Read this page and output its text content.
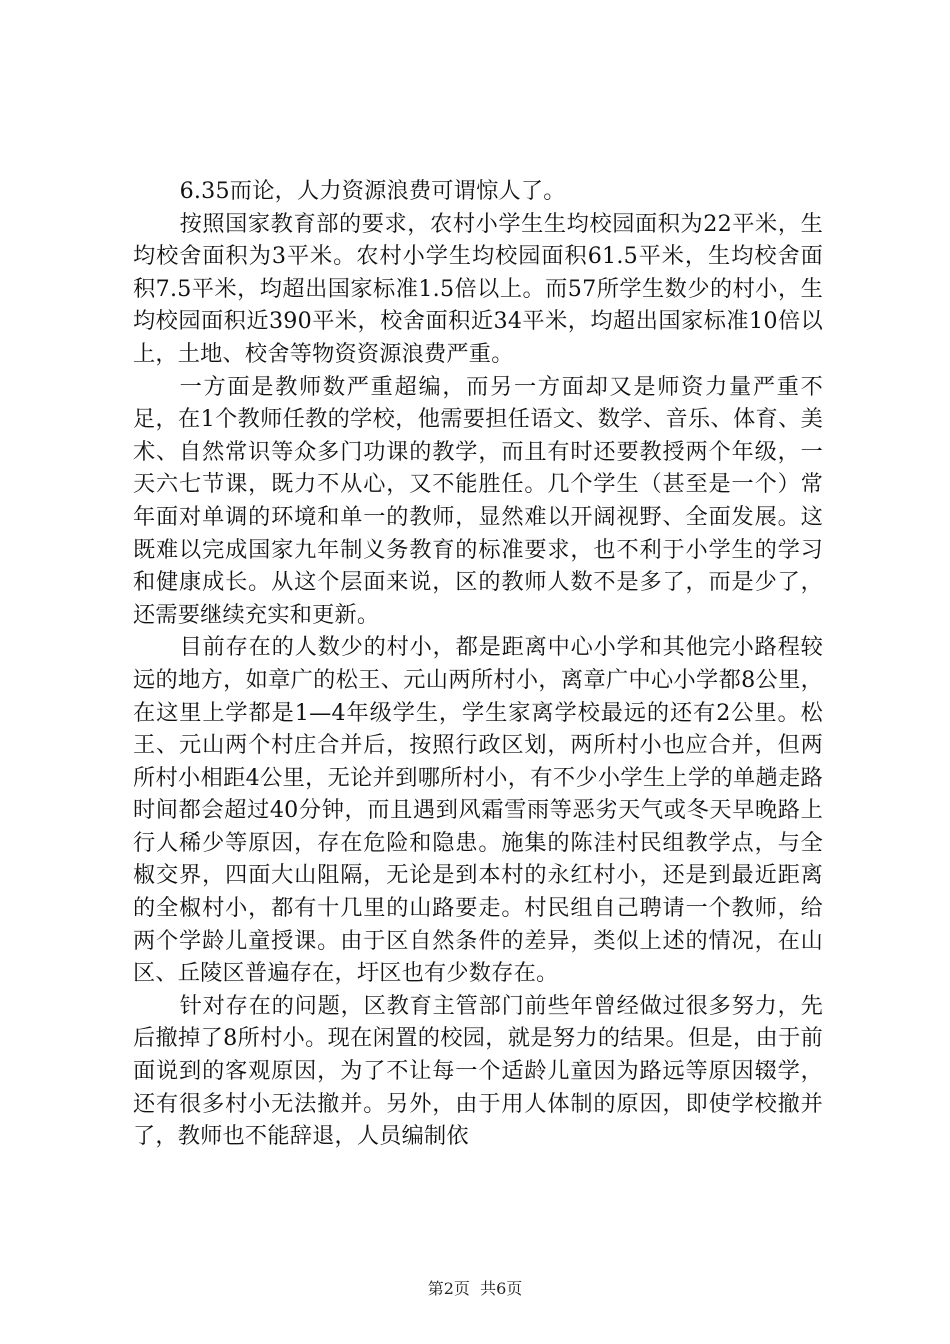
6.35而论，人力资源浪费可谓惊人了。

按照国家教育部的要求，农村小学生生均校园面积为22平米，生均校舍面积为3平米。农村小学生均校园面积61.5平米，生均校舍面积7.5平米，均超出国家标准1.5倍以上。而57所学生数少的村小，生均校园面积近390平米，校舍面积近34平米，均超出国家标准10倍以上，土地、校舍等物资资源浪费严重。

一方面是教师数严重超编，而另一方面却又是师资力量严重不足，在1个教师任教的学校，他需要担任语文、数学、音乐、体育、美术、自然常识等众多门功课的教学，而且有时还要教授两个年级，一天六七节课，既力不从心，又不能胜任。几个学生（甚至是一个）常年面对单调的环境和单一的教师，显然难以开阔视野、全面发展。这既难以完成国家九年制义务教育的标准要求，也不利于小学生的学习和健康成长。从这个层面来说，区的教师人数不是多了，而是少了，还需要继续充实和更新。

目前存在的人数少的村小，都是距离中心小学和其他完小路程较远的地方，如章广的松王、元山两所村小，离章广中心小学都8公里，在这里上学都是1—4年级学生，学生家离学校最远的还有2公里。松王、元山两个村庄合并后，按照行政区划，两所村小也应合并，但两所村小相距4公里，无论并到哪所村小，有不少小学生上学的单趟走路时间都会超过40分钟，而且遇到风霜雪雨等恶劣天气或冬天早晚路上行人稀少等原因，存在危险和隐患。施集的陈洼村民组教学点，与全椒交界，四面大山阻隔，无论是到本村的永红村小，还是到最近距离的全椒村小，都有十几里的山路要走。村民组自己聘请一个教师，给两个学龄儿童授课。由于区自然条件的差异，类似上述的情况，在山区、丘陵区普遍存在，圩区也有少数存在。

针对存在的问题，区教育主管部门前些年曾经做过很多努力，先后撤掉了8所村小。现在闲置的校园，就是努力的结果。但是，由于前面说到的客观原因，为了不让每一个适龄儿童因为路远等原因辍学，还有很多村小无法撤并。另外，由于用人体制的原因，即使学校撤并了，教师也不能辞退，人员编制依

第2页  共6页
